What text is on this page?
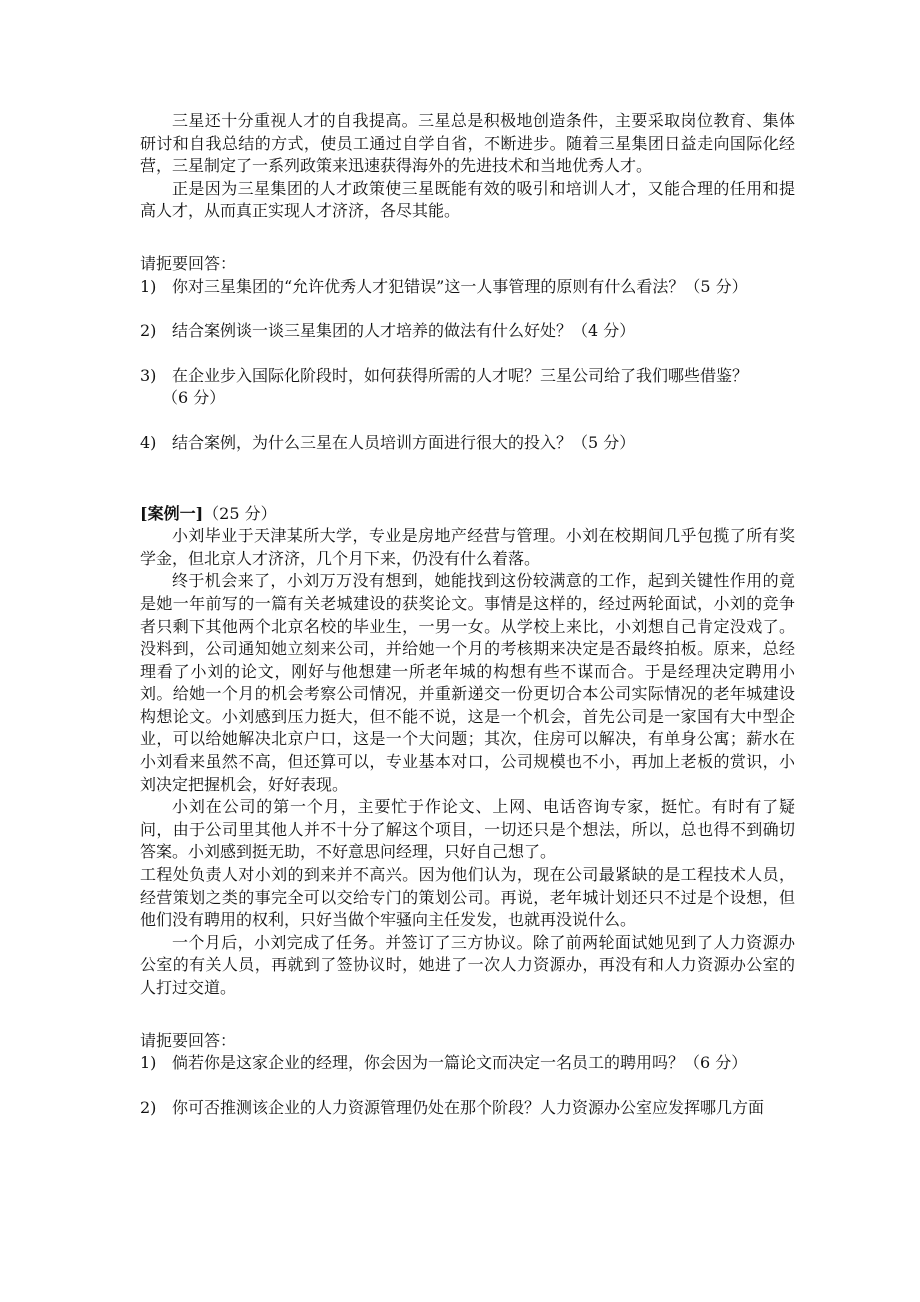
三星还十分重视人才的自我提高。三星总是积极地创造条件，主要采取岗位教育、集体研讨和自我总结的方式，使员工通过自学自省，不断进步。随着三星集团日益走向国际化经营，三星制定了一系列政策来迅速获得海外的先进技术和当地优秀人才。

正是因为三星集团的人才政策使三星既能有效的吸引和培训人才，又能合理的任用和提高人才，从而真正实现人才济济，各尽其能。

请扼要回答：

1) 你对三星集团的“允许优秀人才犯错误”这一人事管理的原则有什么看法？（5 分）
2) 结合案例谈一谈三星集团的人才培养的做法有什么好处？（4 分）
3) 在企业步入国际化阶段时，如何获得所需的人才呢？三星公司给了我们哪些借鉴？

（6 分）

4) 结合案例，为什么三星在人员培训方面进行很大的投入？（5 分）

[案例一]（25 分）

小刘毕业于天津某所大学，专业是房地产经营与管理。小刘在校期间几乎包揽了所有奖学金，但北京人才济济，几个月下来，仍没有什么着落。

终于机会来了，小刘万万没有想到，她能找到这份较满意的工作，起到关键性作用的竟是她一年前写的一篇有关老城建设的获奖论文。事情是这样的，经过两轮面试，小刘的竞争者只剩下其他两个北京名校的毕业生，一男一女。从学校上来比，小刘想自己肯定没戏了。没料到，公司通知她立刻来公司，并给她一个月的考核期来决定是否最终拍板。原来，总经理看了小刘的论文，刚好与他想建一所老年城的构想有些不谋而合。于是经理决定聘用小刘。给她一个月的机会考察公司情况，并重新递交一份更切合本公司实际情况的老年城建设构想论文。小刘感到压力挺大，但不能不说，这是一个机会，首先公司是一家国有大中型企业，可以给她解决北京户口，这是一个大问题；其次，住房可以解决，有单身公寓；薪水在小刘看来虽然不高，但还算可以，专业基本对口，公司规模也不小，再加上老板的赏识，小刘决定把握机会，好好表现。

小刘在公司的第一个月，主要忙于作论文、上网、电话咨询专家，挺忙。有时有了疑问，由于公司里其他人并不十分了解这个项目，一切还只是个想法，所以，总也得不到确切答案。小刘感到挺无助，不好意思问经理，只好自己想了。

工程处负责人对小刘的到来并不高兴。因为他们认为，现在公司最紧缺的是工程技术人员，经营策划之类的事完全可以交给专门的策划公司。再说，老年城计划还只不过是个设想，但他们没有聘用的权利，只好当做个牢骚向主任发发，也就再没说什么。

一个月后，小刘完成了任务。并签订了三方协议。除了前两轮面试她见到了人力资源办公室的有关人员，再就到了签协议时，她进了一次人力资源办，再没有和人力资源办公室的人打过交道。

请扼要回答：

1) 倘若你是这家企业的经理，你会因为一篇论文而决定一名员工的聘用吗？（6 分）
2) 你可否推测该企业的人力资源管理仍处在那个阶段？人力资源办公室应发挥哪几方面
